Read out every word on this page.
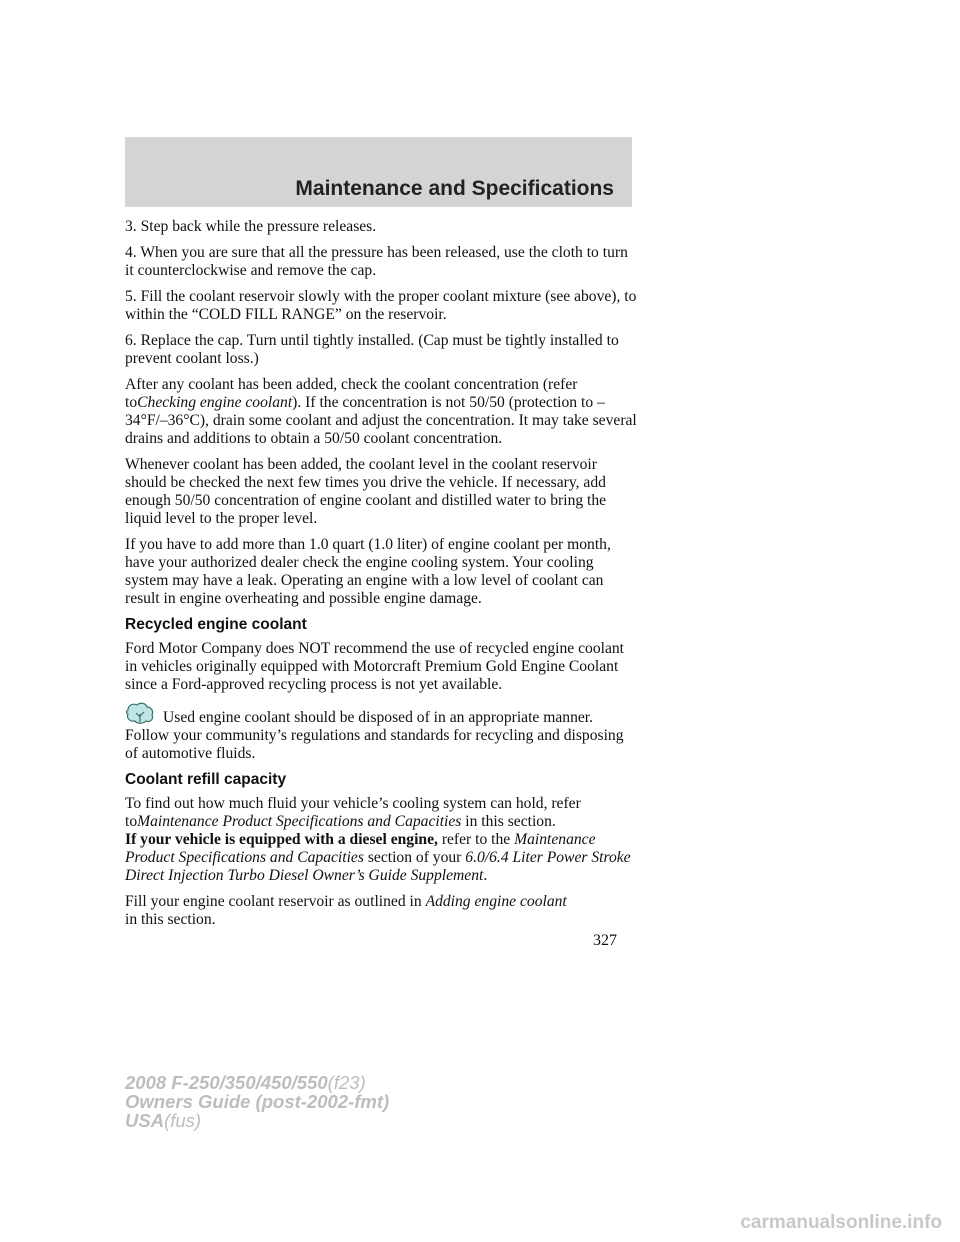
Maintenance and Specifications

3. Step back while the pressure releases.

4. When you are sure that all the pressure has been released, use the cloth to turn it counterclockwise and remove the cap.

5. Fill the coolant reservoir slowly with the proper coolant mixture (see above), to within the “COLD FILL RANGE” on the reservoir.

6. Replace the cap. Turn until tightly installed. (Cap must be tightly installed to prevent coolant loss.)

After any coolant has been added, check the coolant concentration (refer toChecking engine coolant). If the concentration is not 50/50 (protection to –34°F/–36°C), drain some coolant and adjust the concentration. It may take several drains and additions to obtain a 50/50 coolant concentration.

Whenever coolant has been added, the coolant level in the coolant reservoir should be checked the next few times you drive the vehicle. If necessary, add enough 50/50 concentration of engine coolant and distilled water to bring the liquid level to the proper level.

If you have to add more than 1.0 quart (1.0 liter) of engine coolant per month, have your authorized dealer check the engine cooling system. Your cooling system may have a leak. Operating an engine with a low level of coolant can result in engine overheating and possible engine damage.

Recycled engine coolant

Ford Motor Company does NOT recommend the use of recycled engine coolant in vehicles originally equipped with Motorcraft Premium Gold Engine Coolant since a Ford-approved recycling process is not yet available.

Used engine coolant should be disposed of in an appropriate manner. Follow your community’s regulations and standards for recycling and disposing of automotive fluids.

Coolant refill capacity

To find out how much fluid your vehicle’s cooling system can hold, refer toMaintenance Product Specifications and Capacities in this section.
If your vehicle is equipped with a diesel engine, refer to the Maintenance Product Specifications and Capacities section of your 6.0/6.4 Liter Power Stroke Direct Injection Turbo Diesel Owner’s Guide Supplement.

Fill your engine coolant reservoir as outlined in Adding engine coolant
in this section.

327
2008 F-250/350/450/550(f23)
Owners Guide (post-2002-fmt)
USA(fus)
carmanualsonline.info
